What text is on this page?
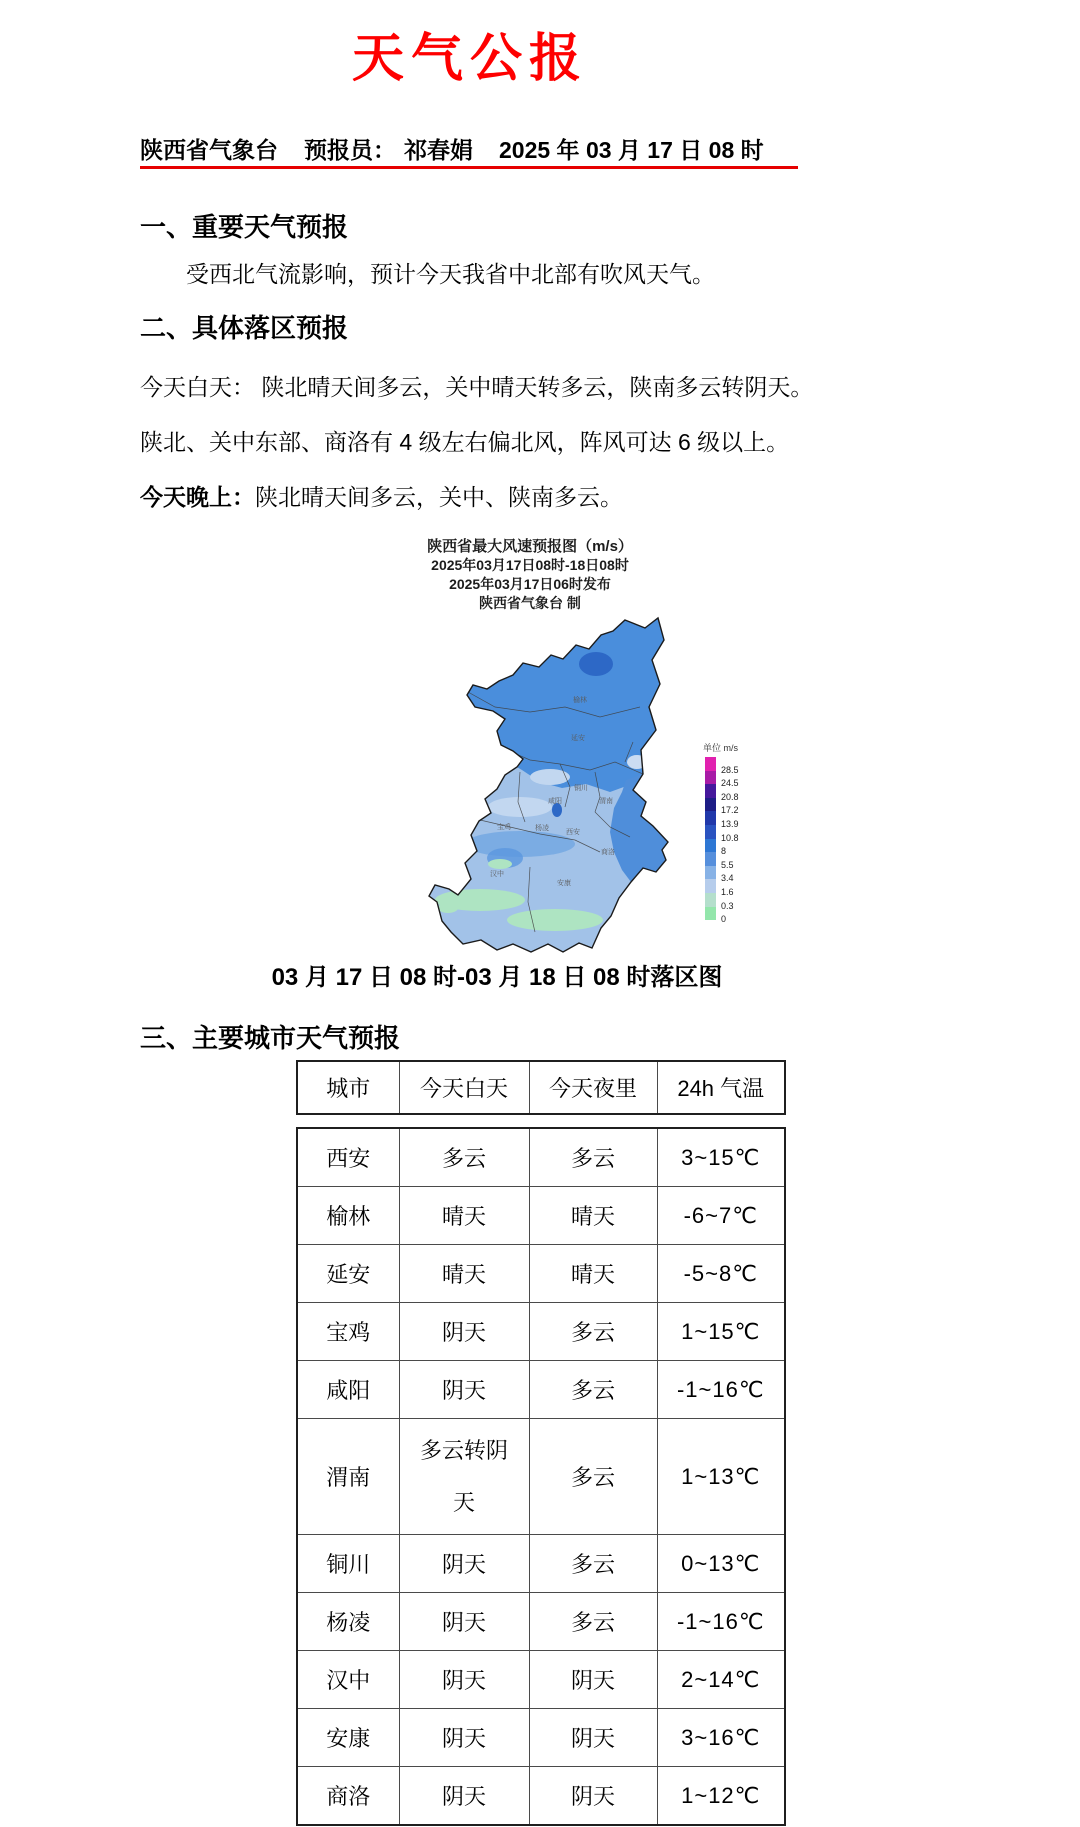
天气公报
陕西省气象台 预报员： 祁春娟 2025 年 03 月 17 日 08 时
一、重要天气预报
受西北气流影响，预计今天我省中北部有吹风天气。
二、具体落区预报
今天白天： 陕北晴天间多云，关中晴天转多云，陕南多云转阴天。
陕北、关中东部、商洛有 4 级左右偏北风，阵风可达 6 级以上。
今天晚上：陕北晴天间多云，关中、陕南多云。
陕西省最大风速预报图（m/s）
2025年03月17日08时-18日08时
2025年03月17日06时发布
陕西省气象台 制
榆林
延安
铜川
渭南
咸阳
宝鸡	杨凌
西安
商洛
汉中
安康
单位 m/s
28.5
24.5
20.8
17.2
13.9
10.8
8
5.5
3.4
1.6
0.3
0
03 月 17 日 08 时-03 月 18 日 08 时落区图
三、主要城市天气预报
城市	今天白天	今天夜里	24h 气温
西安	多云	多云	3~15℃
榆林	晴天	晴天	-6~7℃
延安	晴天	晴天	-5~8℃
宝鸡	阴天	多云	1~15℃
咸阳	阴天	多云	-1~16℃
渭南	多云转阴天	多云	1~13℃
铜川	阴天	多云	0~13℃
杨凌	阴天	多云	-1~16℃
汉中	阴天	阴天	2~14℃
安康	阴天	阴天	3~16℃
商洛	阴天	阴天	1~12℃
